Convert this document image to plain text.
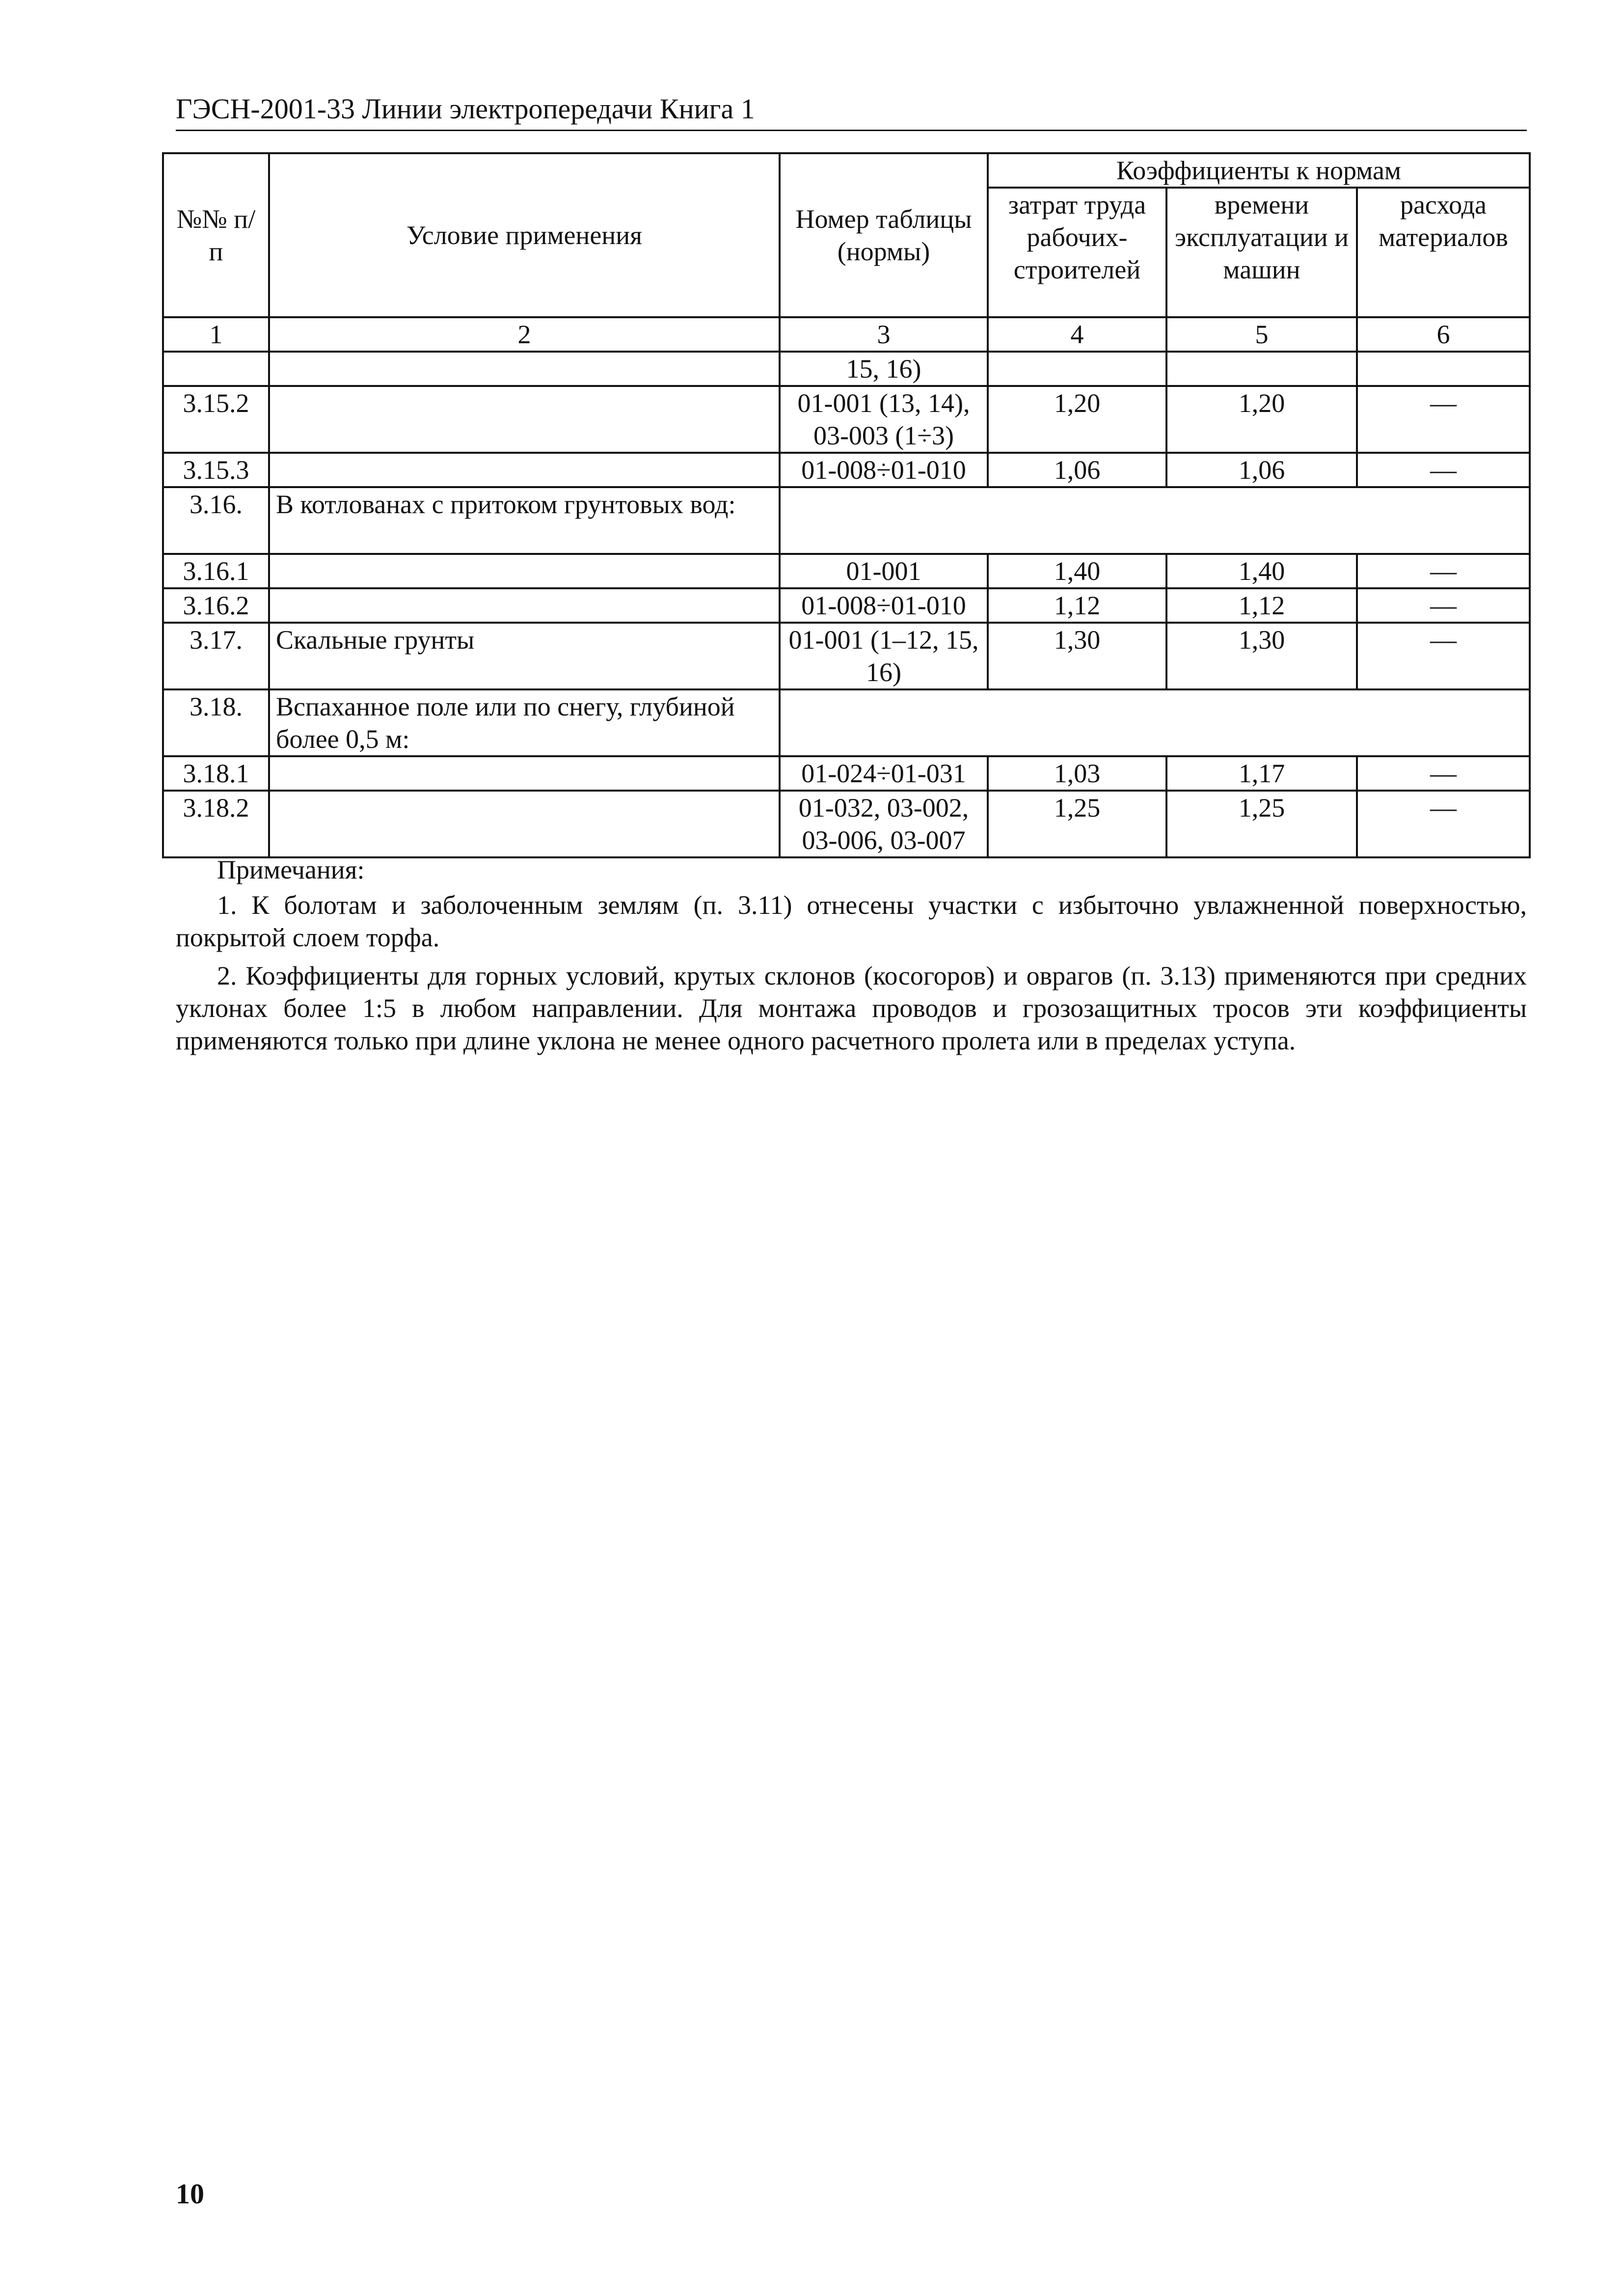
ГЭСН-2001-33 Линии электропередачи Книга 1
№№ п/п	Условие применения	Номер таблицы (нормы)	Коэффициенты к нормам		
			затрат труда рабочих-строителей	времени эксплуатации и машин	расхода материалов
1	2	3	4	5	6
		15, 16)			
3.15.2		01-001 (13, 14), 03-003 (1÷3)	1,20	1,20	—
3.15.3		01-008÷01-010	1,06	1,06	—
3.16.	В котлованах с притоком грунтовых вод:				
3.16.1		01-001	1,40	1,40	—
3.16.2		01-008÷01-010	1,12	1,12	—
3.17.	Скальные грунты	01-001 (1–12, 15, 16)	1,30	1,30	—
3.18.	Вспаханное поле или по снегу, глубиной более 0,5 м:				
3.18.1		01-024÷01-031	1,03	1,17	—
3.18.2		01-032, 03-002, 03-006, 03-007	1,25	1,25	—

Примечания:

1. К болотам и заболоченным землям (п. 3.11) отнесены участки с избыточно увлажненной поверхностью, покрытой слоем торфа.

2. Коэффициенты для горных условий, крутых склонов (косогоров) и оврагов (п. 3.13) применяются при средних уклонах более 1:5 в любом направлении. Для монтажа проводов и грозозащитных тросов эти коэффициенты применяются только при длине уклона не менее одного расчетного пролета или в пределах уступа.

10
